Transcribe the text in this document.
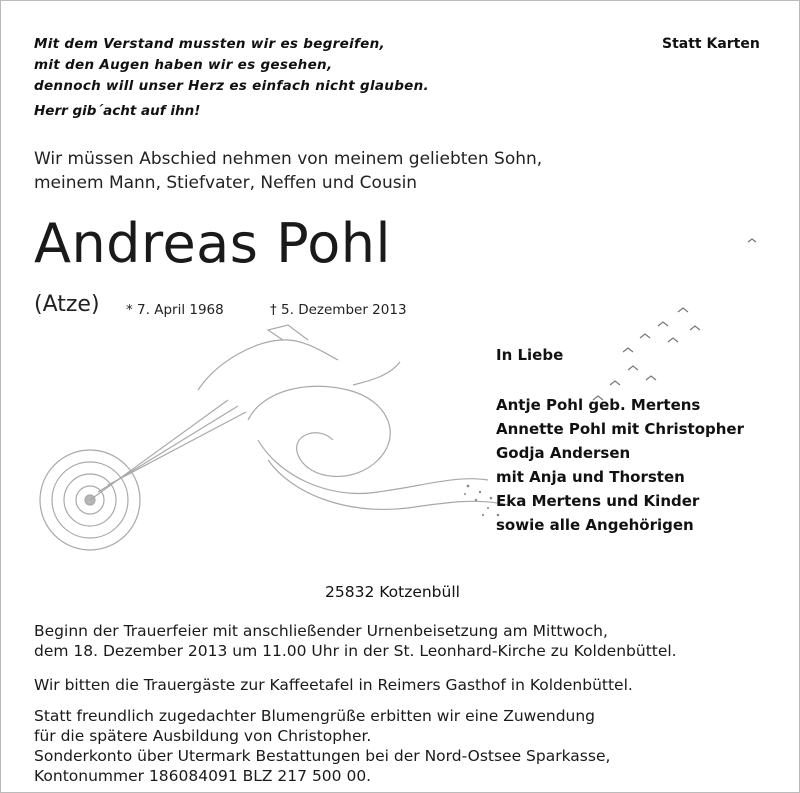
Mit dem Verstand mussten wir es begreifen,
mit den Augen haben wir es gesehen,
dennoch will unser Herz es einfach nicht glauben.
Herr gib´acht auf ihn!
Statt Karten
Wir müssen Abschied nehmen von meinem geliebten Sohn,
meinem Mann, Stiefvater, Neffen und Cousin
Andreas Pohl
(Atze) * 7. April 1968	† 5. Dezember 2013
In Liebe
Antje Pohl geb. Mertens
Annette Pohl mit Christopher
Godja Andersen
mit Anja und Thorsten
Eka Mertens und Kinder
sowie alle Angehörigen
25832 Kotzenbüll
Beginn der Trauerfeier mit anschließender Urnenbeisetzung am Mittwoch,
dem 18. Dezember 2013 um 11.00 Uhr in der St. Leonhard-Kirche zu Koldenbüttel.
Wir bitten die Trauergäste zur Kaffeetafel in Reimers Gasthof in Koldenbüttel.
Statt freundlich zugedachter Blumengrüße erbitten wir eine Zuwendung
für die spätere Ausbildung von Christopher.
Sonderkonto über Utermark Bestattungen bei der Nord-Ostsee Sparkasse,
Kontonummer 186084091 BLZ 217 500 00.
